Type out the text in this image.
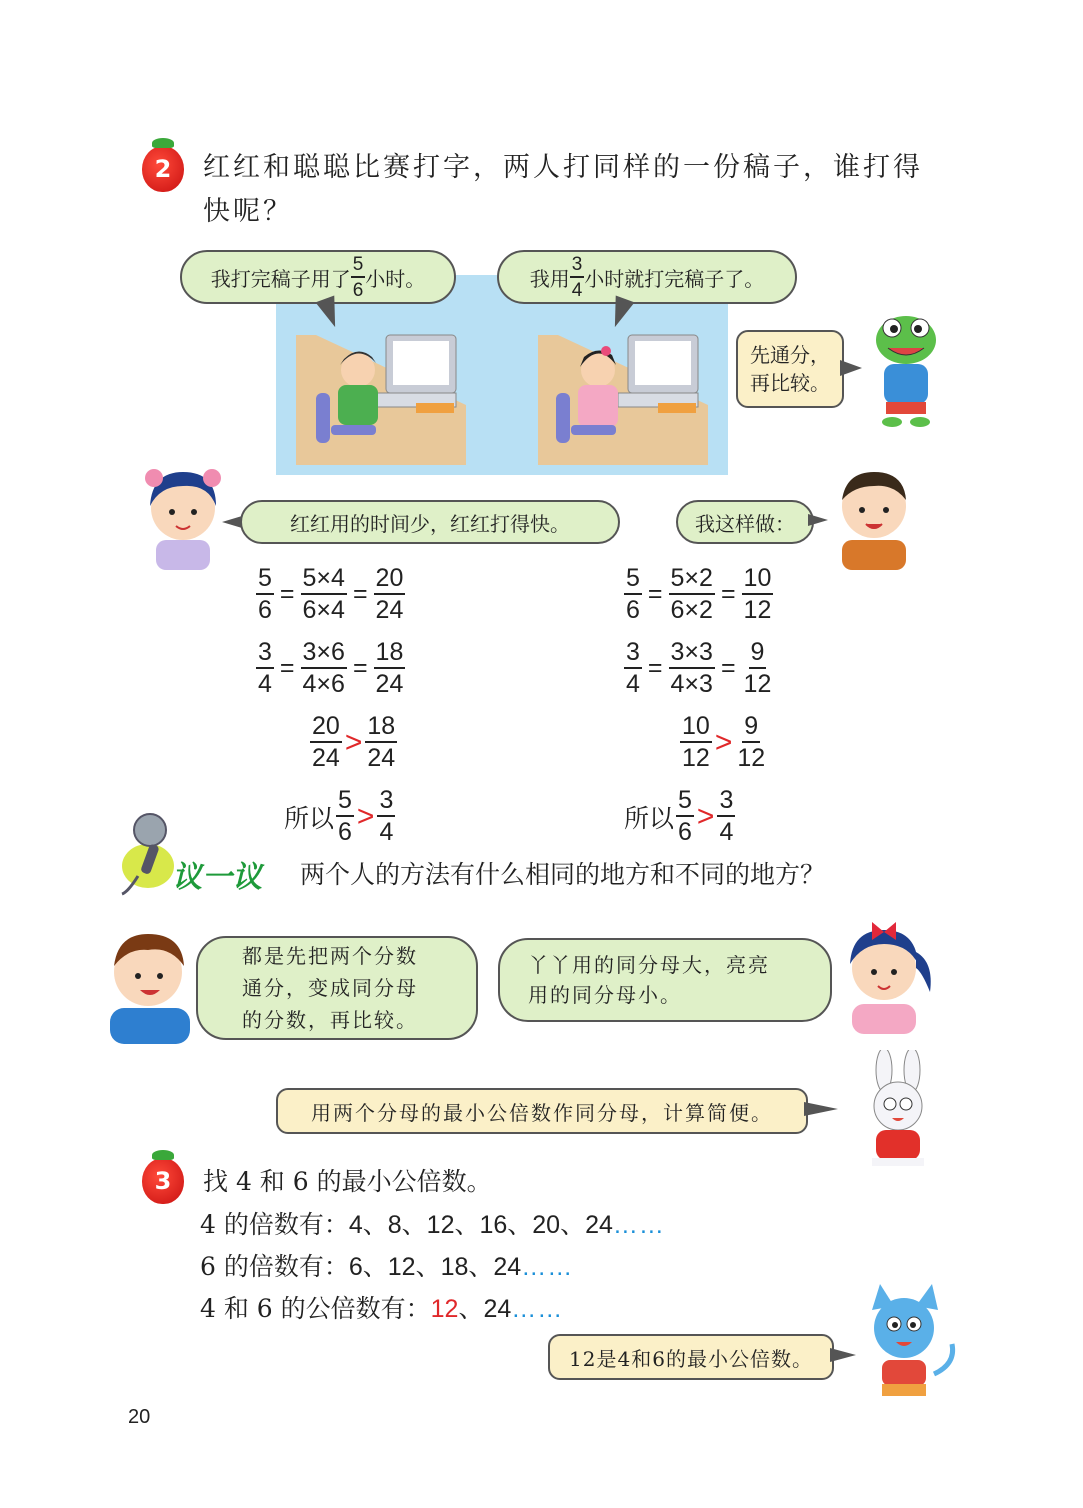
2 红红和聪聪比赛打字，两人打同样的一份稿子，谁打得
快呢？
我打完稿子用了 $\frac{5}{6}$ 小时。	我用 $\frac{3}{4}$ 小时就打完稿子了。
先通分，
再比较。
红红用的时间少，红红打得快。	我这样做：
$\frac{5}{6} = \frac{5\times 4}{6\times 4} = \frac{20}{24}$
$\frac{3}{4} = \frac{3\times 6}{4\times 6} = \frac{18}{24}$
$\frac{20}{24} > \frac{18}{24}$
所以 $\frac{5}{6} > \frac{3}{4}$
$\frac{5}{6} = \frac{5\times 2}{6\times 2} = \frac{10}{12}$
$\frac{3}{4} = \frac{3\times 3}{4\times 3} = \frac{9}{12}$
$\frac{10}{12} > \frac{9}{12}$
所以 $\frac{5}{6} > \frac{3}{4}$
议一议 两个人的方法有什么相同的地方和不同的地方？
都是先把两个分数
通分，变成同分母
的分数，再比较。
丫丫用的同分母大，亮亮
用的同分母小。
用两个分母的最小公倍数作同分母，计算简便。
3 找 4 和 6 的最小公倍数。
4 的倍数有：4、8、12、16、20、24……
6 的倍数有：6、12、18、24……
4 和 6 的公倍数有：12、24……
12是4和6的最小公倍数。
20
